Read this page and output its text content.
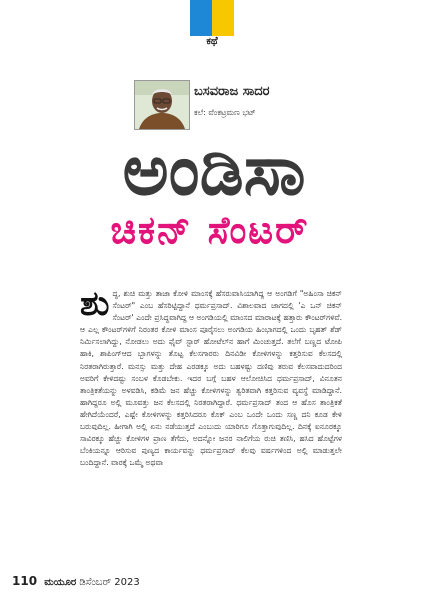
ಕಥೆ
ಬಸವರಾಜ ಸಾದರ
ಕಲೆ: ವೆಂಕಟ್ರಮಣ ಭಟ್
ಅಂಡಿಸಾ
ಚಿಕನ್ ಸೆಂಟರ್
ಶುದ್ಧ, ಶುಚಿ ಮತ್ತು ತಾಜಾ ಕೋಳಿ ಮಾಂಸಕ್ಕೆ ಹೆಸರುವಾಸಿಯಾಗಿದ್ದ ಆ ಅಂಗಡಿಗೆ "ಅಹಿಂಸಾ ಚಿಕನ್ ಸೆಂಟರ್" ಎಂಬ ಹೆಸರಿಟ್ಟಿದ್ದಾನೆ ಧರ್ಮಪ್ರಸಾದ್. ವಿಶಾಲವಾದ ಜಾಗದಲ್ಲಿ 'ಎ ಒನ್ ಚಿಕನ್ ಸೆಂಟರ್' ಎಂದೇ ಪ್ರಸಿದ್ಧವಾಗಿದ್ದ ಆ ಅಂಗಡಿಯಲ್ಲಿ ಮಾಂಸದ ಮಾರಾಟಕ್ಕೆ ಹತ್ತಾರು ಕೌಂಟರ್‌ಗಳಿವೆ. ಆ ಎಲ್ಲ ಕೌಂಟರ್‌ಗಳಿಗೆ ನಿರಂತರ ಕೋಳಿ ಮಾಂಸ ಪೂರೈಸಲು ಅಂಗಡಿಯ ಹಿಂಭಾಗದಲ್ಲಿ ಒಂದು ಬೃಹತ್ ಶೆಡ್ ನಿರ್ಮಿಸಲಾಗಿದ್ದು, ನೋಡಲು ಅದು ಫೈವ್ ಸ್ಟಾರ್ ಹೋಟೆಲ್‌ನ ಹಾಗೆ ಮಿಂಚುತ್ತದೆ. ತಲೆಗೆ ಬಣ್ಣದ ಟೋಪಿ ಹಾಕಿ, ಶಾಪಿಂಗ್‌ಆದ ಬ್ಬಾಗಳನ್ನು ತೊಟ್ಟ ಕೆಲಸಗಾರರು ದಿನವಿಡೀ ಕೋಳಿಗಳನ್ನು ಕತ್ತರಿಸುವ ಕೆಲಸದಲ್ಲಿ ನಿರತರಾಗಿರುತ್ತಾರೆ. ಮನಸ್ಸು ಮತ್ತು ದೇಹ ಎರಡಕ್ಕೂ ಅದು ಬಹಳಷ್ಟು ದಣಿವು ತರುವ ಕೆಲಸವಾದುದರಿಂದ ಅವರಿಗೆ ಕೇಳಿದಷ್ಟು ಸಂಬಳ ಕೊಡಬೇಕು. ಇದರ ಬಗ್ಗೆ ಬಹಳ ಆಲೋಚಿಸಿದ ಧರ್ಮಪ್ರಸಾದ್, ವಿನೂತನ ತಾಂತ್ರಿಕತೆಯನ್ನು ಅಳವಡಿಸಿ, ಕಡಿಮೆ ಜನ ಹೆಚ್ಚು ಕೋಳಿಗಳನ್ನು ತ್ವರಿತವಾಗಿ ಕತ್ತರಿಸುವ ವ್ಯವಸ್ಥೆ ಮಾಡಿದ್ದಾನೆ. ಹಾಗಿದ್ದರೂ ಅಲ್ಲಿ ಮೂವತ್ತು ಜನ ಕೆಲಸದಲ್ಲಿ ನಿರತರಾಗಿದ್ದಾರೆ. ಧರ್ಮಪ್ರಸಾದ್ ತಂದ ಆ ಹೊಸ ತಾಂತ್ರಿಕತೆ ಹೇಗಿದೆಯೆಂದರೆ, ಎಷ್ಟೇ ಕೋಳಿಗಳನ್ನು ಕತ್ತರಿಸಿದರೂ ಕೊಕ್ ಎಂಬ ಒಂದೇ ಒಂದು ಸಣ್ಣ ದನಿ ಕೂಡ ಕೇಳಿ ಬರುವುದಿಲ್ಲ. ಹೀಗಾಗಿ ಅಲ್ಲಿ ಏನು ನಡೆಯುತ್ತದೆ ಎಂಬುದು ಯಾರಿಗೂ ಗೊತ್ತಾಗುವುದಿಲ್ಲ. ದಿನಕ್ಕೆ ಐನೂರಕ್ಕೂ ಸಾವಿರಕ್ಕೂ ಹೆಚ್ಚು ಕೋಳಿಗಳ ಪ್ರಾಣ ತೆಗೆದು, ಅದನ್ನೋ ಜನರ ನಾಲಿಗೆಯ ರುಚಿ ತಣಿಸಿ, ಹಸಿದ ಹೊಟ್ಟೆಗಳ ಬೆಂಕಿಯನ್ನೂ ಆರಿಸುವ ಪುಣ್ಯದ ಕಾರ್ಯವನ್ನು ಧರ್ಮಪ್ರಸಾದ್ ಕೆಲವು ವರ್ಷಗಳಿಂದ ಅಲ್ಲಿ ಮಾಡುತ್ತಲೇ ಬಂದಿದ್ದಾನೆ. ವಾರಕ್ಕೆ ಒಮ್ಮೆ ಅಥವಾ
110 ಮಯೂರ ಡಿಸೆಂಬರ್ 2023
